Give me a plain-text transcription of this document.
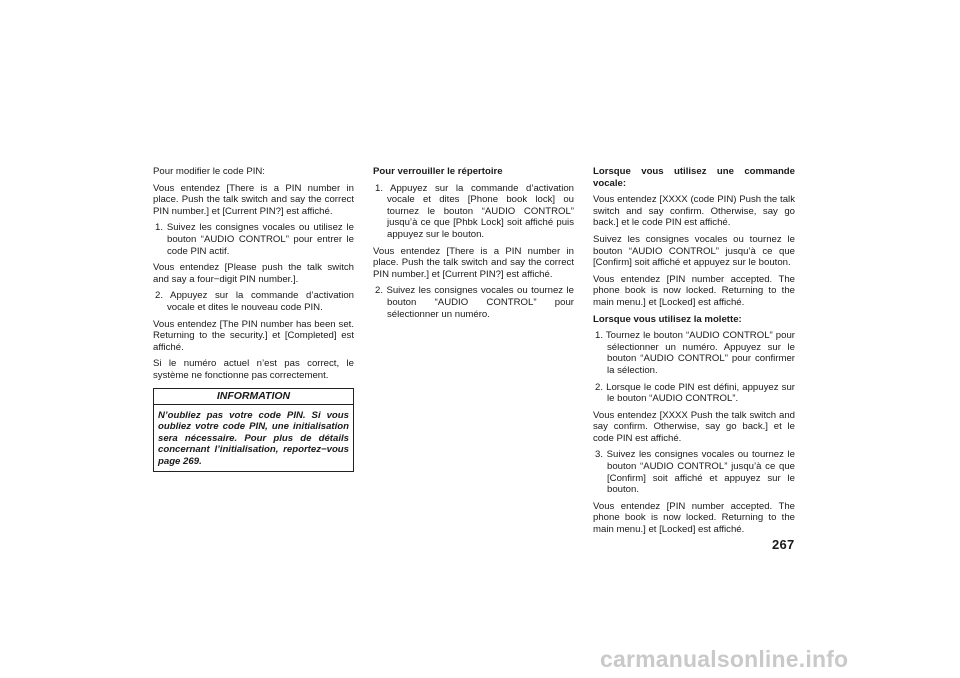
Pour modifier le code PIN:
Vous entendez [There is a PIN number in place. Push the talk switch and say the correct PIN number.] et [Current PIN?] est affiché.
1. Suivez les consignes vocales ou utilisez le bouton “AUDIO CONTROL” pour entrer le code PIN actif.
Vous entendez [Please push the talk switch and say a four−digit PIN number.].
2. Appuyez sur la commande d’activation vocale et dites le nouveau code PIN.
Vous entendez [The PIN number has been set. Returning to the security.] et [Completed] est affiché.
Si le numéro actuel n’est pas correct, le système ne fonctionne pas correctement.
INFORMATION
N’oubliez pas votre code PIN. Si vous oubliez votre code PIN, une initialisation sera nécessaire. Pour plus de détails concernant l’initialisation, reportez−vous page 269.
Pour verrouiller le répertoire
1. Appuyez sur la commande d’activation vocale et dites [Phone book lock] ou tournez le bouton “AUDIO CONTROL” jusqu’à ce que [Phbk Lock] soit affiché puis appuyez sur le bouton.
Vous entendez [There is a PIN number in place. Push the talk switch and say the correct PIN number.] et [Current PIN?] est affiché.
2. Suivez les consignes vocales ou tournez le bouton “AUDIO CONTROL” pour sélectionner un numéro.
Lorsque vous utilisez une commande vocale:
Vous entendez [XXXX (code PIN) Push the talk switch and say confirm. Otherwise, say go back.] et le code PIN est affiché.
Suivez les consignes vocales ou tournez le bouton “AUDIO CONTROL” jusqu’à ce que [Confirm] soit affiché et appuyez sur le bouton.
Vous entendez [PIN number accepted. The phone book is now locked. Returning to the main menu.] et [Locked] est affiché.
Lorsque vous utilisez la molette:
1. Tournez le bouton “AUDIO CONTROL” pour sélectionner un numéro. Appuyez sur le bouton “AUDIO CONTROL” pour confirmer la sélection.
2. Lorsque le code PIN est défini, appuyez sur le bouton “AUDIO CONTROL”.
Vous entendez [XXXX Push the talk switch and say confirm. Otherwise, say go back.] et le code PIN est affiché.
3. Suivez les consignes vocales ou tournez le bouton “AUDIO CONTROL” jusqu’à ce que [Confirm] soit affiché et appuyez sur le bouton.
Vous entendez [PIN number accepted. The phone book is now locked. Returning to the main menu.] et [Locked] est affiché.
267
carmanualsonline.info
